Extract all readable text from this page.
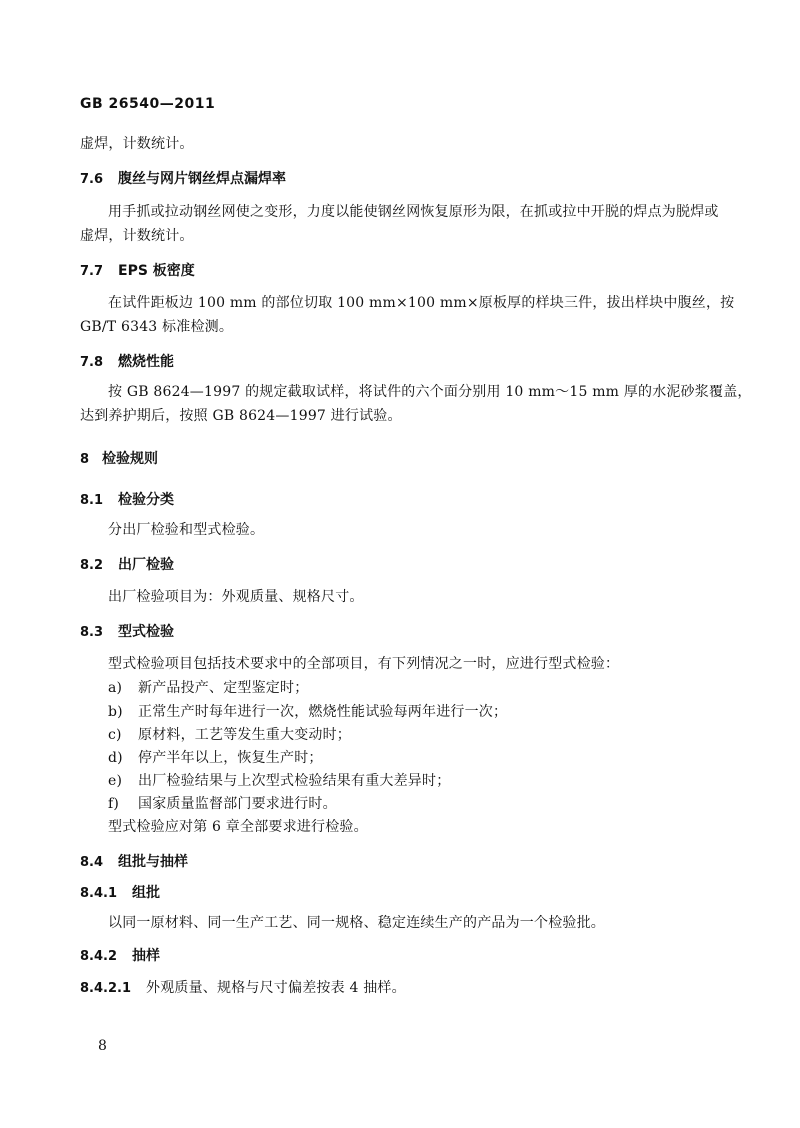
GB 26540—2011
虚焊，计数统计。
7.6	腹丝与网片钢丝焊点漏焊率
用手抓或拉动钢丝网使之变形，力度以能使钢丝网恢复原形为限，在抓或拉中开脱的焊点为脱焊或
虚焊，计数统计。
7.7	EPS 板密度
在试件距板边 100 mm 的部位切取 100 mm×100 mm×原板厚的样块三件，拔出样块中腹丝，按
GB/T 6343 标准检测。
7.8	燃烧性能
按 GB 8624—1997 的规定截取试样，将试件的六个面分别用 10 mm～15 mm 厚的水泥砂浆覆盖，
达到养护期后，按照 GB 8624—1997 进行试验。
8 检验规则
8.1	检验分类
分出厂检验和型式检验。
8.2	出厂检验
出厂检验项目为：外观质量、规格尺寸。
8.3	型式检验
型式检验项目包括技术要求中的全部项目，有下列情况之一时，应进行型式检验：
a) 新产品投产、定型鉴定时；
b) 正常生产时每年进行一次，燃烧性能试验每两年进行一次；
c) 原材料，工艺等发生重大变动时；
d) 停产半年以上，恢复生产时；
e) 出厂检验结果与上次型式检验结果有重大差异时；
f) 国家质量监督部门要求进行时。
型式检验应对第 6 章全部要求进行检验。
8.4	组批与抽样
8.4.1	组批
以同一原材料、同一生产工艺、同一规格、稳定连续生产的产品为一个检验批。
8.4.2	抽样
8.4.2.1	外观质量、规格与尺寸偏差按表 4 抽样。
8
